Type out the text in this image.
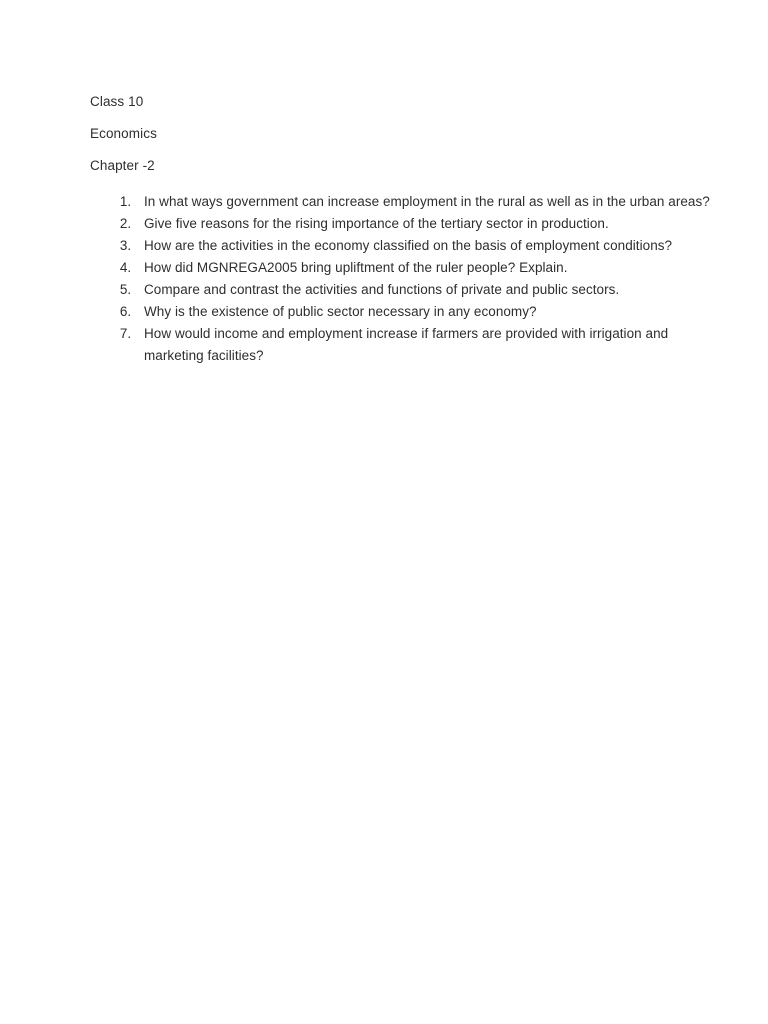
Class 10

Economics

Chapter -2

1. In what ways government can increase employment in the rural as well as in the urban areas?
2. Give five reasons for the rising importance of the tertiary sector in production.
3. How are the activities in the economy classified on the basis of employment conditions?
4. How did MGNREGA2005 bring upliftment of the ruler people? Explain.
5. Compare and contrast the activities and functions of private and public sectors.
6. Why is the existence of public sector necessary in any economy?
7. How would income and employment increase if farmers are provided with irrigation and marketing facilities?
